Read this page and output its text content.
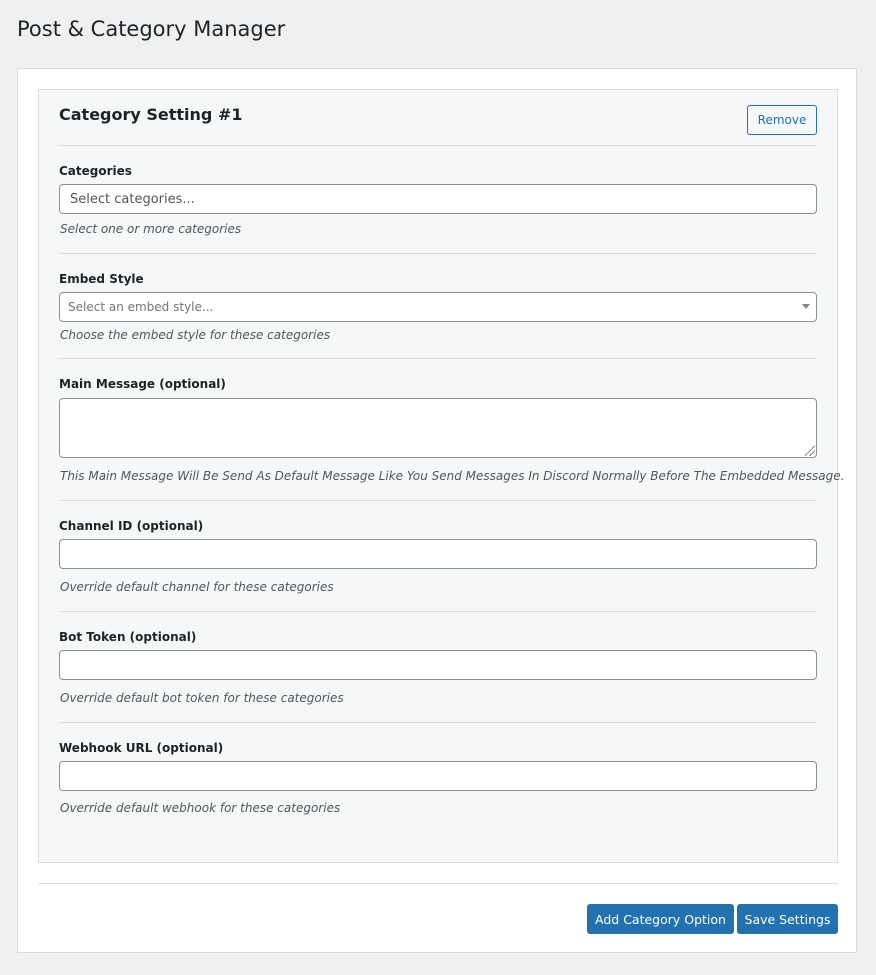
Post & Category Manager
Category Setting #1	Remove
Categories
Select categories...
Select one or more categories
Embed Style
Select an embed style...
Choose the embed style for these categories
Main Message (optional)
This Main Message Will Be Send As Default Message Like You Send Messages In Discord Normally Before The Embedded Message.
Channel ID (optional)
Override default channel for these categories
Bot Token (optional)
Override default bot token for these categories
Webhook URL (optional)
Override default webhook for these categories
Add Category Option	Save Settings
